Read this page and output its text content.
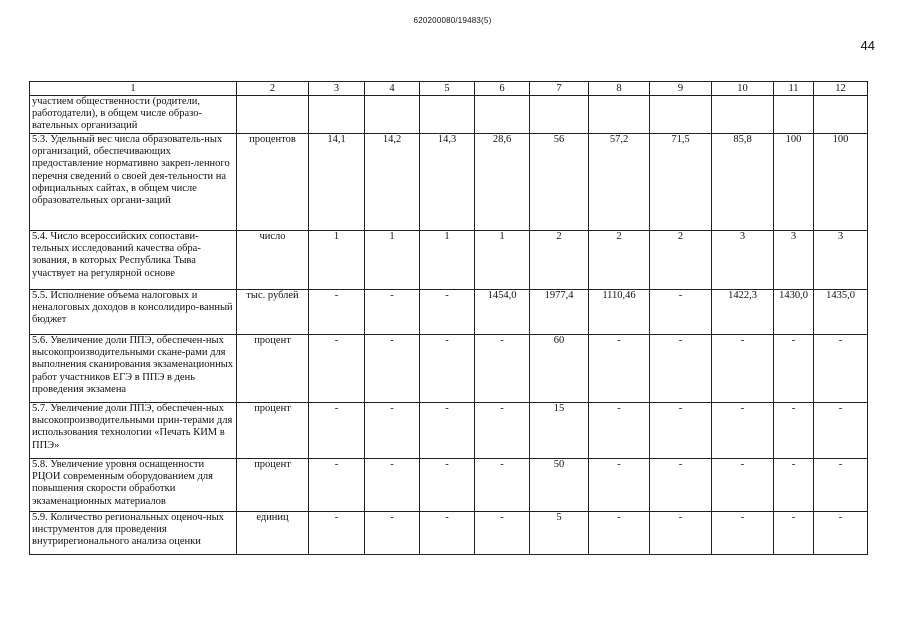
620200080/19483(5)
44
1	2	3	4	5	6	7	8	9	10	11	12
участием общественности (родители, работодатели), в общем числе образо-вательных организаций											
5.3. Удельный вес числа образователь-ных организаций, обеспечивающих предоставление нормативно закреп-ленного перечня сведений о своей дея-тельности на официальных сайтах, в общем числе образовательных органи-заций	процентов	14,1	14,2	14,3	28,6	56	57,2	71,5	85,8	100	100
5.4. Число всероссийских сопостави-тельных исследований качества обра-зования, в которых Республика Тыва участвует на регулярной основе	число	1	1	1	1	2	2	2	3	3	3
5.5. Исполнение объема налоговых и неналоговых доходов в консолидиро-ванный бюджет	тыс. рублей	-	-	-	1454,0	1977,4	1110,46	-	1422,3	1430,0	1435,0
5.6. Увеличение доли ППЭ, обеспечен-ных высокопроизводительными скане-рами для выполнения сканирования экзаменационных работ участников ЕГЭ в ППЭ в день проведения экзамена	процент	-	-	-	-	60	-	-	-	-	-
5.7. Увеличение доли ППЭ, обеспечен-ных высокопроизводительными прин-терами для использования технологии «Печать КИМ в ППЭ»	процент	-	-	-	-	15	-	-	-	-	-
5.8. Увеличение уровня оснащенности РЦОИ современным оборудованием для повышения скорости обработки экзаменационных материалов	процент	-	-	-	-	50	-	-	-	-	-
5.9. Количество региональных оценоч-ных инструментов для проведения внутрирегионального анализа оценки	единиц	-	-	-	-	5	-	-	-	-	-
